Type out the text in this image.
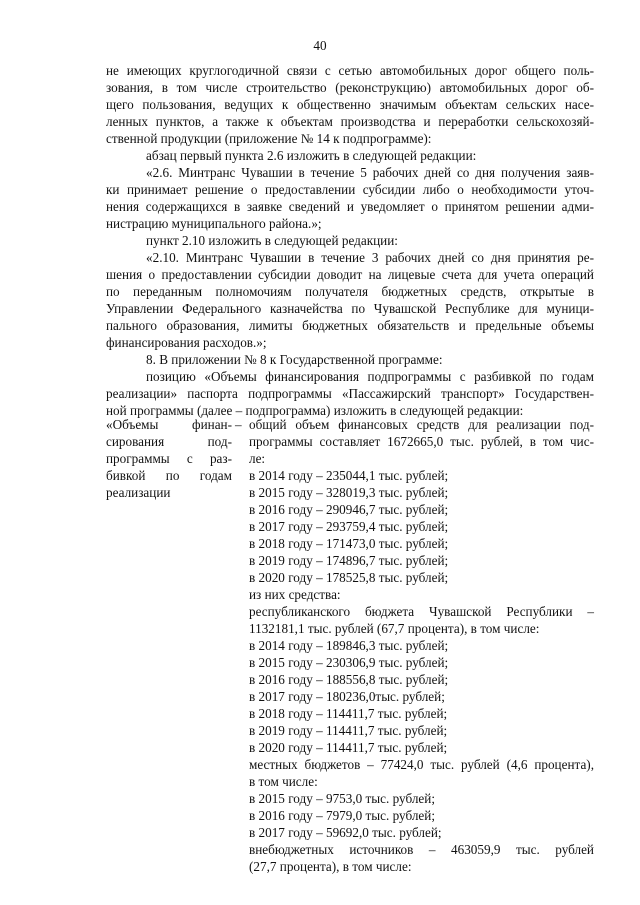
40
не имеющих круглогодичной связи с сетью автомобильных дорог общего поль-
зования, в том числе строительство (реконструкцию) автомобильных дорог об-
щего пользования, ведущих к общественно значимым объектам сельских насе-
ленных пунктов, а также к объектам производства и переработки сельскохозяй-
ственной продукции (приложение № 14 к подпрограмме):
абзац первый пункта 2.6 изложить в следующей редакции:
«2.6. Минтранс Чувашии в течение 5 рабочих дней со дня получения заяв-
ки принимает решение о предоставлении субсидии либо о необходимости уточ-
нения содержащихся в заявке сведений и уведомляет о принятом решении адми-
нистрацию муниципального района.»;
пункт 2.10 изложить в следующей редакции:
«2.10. Минтранс Чувашии в течение 3 рабочих дней со дня принятия ре-
шения о предоставлении субсидии доводит на лицевые счета для учета операций
по переданным полномочиям получателя бюджетных средств, открытые в
Управлении Федерального казначейства по Чувашской Республике для муници-
пального образования, лимиты бюджетных обязательств и предельные объемы
финансирования расходов.»;
8. В приложении № 8 к Государственной программе:
позицию «Объемы финансирования подпрограммы с разбивкой по годам
реализации» паспорта подпрограммы «Пассажирский транспорт» Государствен-
ной программы (далее – подпрограмма) изложить в следующей редакции:
«Объемы финан-
сирования под-
программы с раз-
бивкой по годам
реализации
– общий объем финансовых средств для реализации под-
программы составляет 1672665,0 тыс. рублей, в том чис-
ле:
в 2014 году – 235044,1 тыс. рублей;
в 2015 году – 328019,3 тыс. рублей;
в 2016 году – 290946,7 тыс. рублей;
в 2017 году – 293759,4 тыс. рублей;
в 2018 году – 171473,0 тыс. рублей;
в 2019 году – 174896,7 тыс. рублей;
в 2020 году – 178525,8 тыс. рублей;
из них средства:
республиканского бюджета Чувашской Республики –
1132181,1 тыс. рублей (67,7 процента), в том числе:
в 2014 году – 189846,3 тыс. рублей;
в 2015 году – 230306,9 тыс. рублей;
в 2016 году – 188556,8 тыс. рублей;
в 2017 году – 180236,0тыс. рублей;
в 2018 году – 114411,7 тыс. рублей;
в 2019 году – 114411,7 тыс. рублей;
в 2020 году – 114411,7 тыс. рублей;
местных бюджетов – 77424,0 тыс. рублей (4,6 процента),
в том числе:
в 2015 году – 9753,0 тыс. рублей;
в 2016 году – 7979,0 тыс. рублей;
в 2017 году – 59692,0 тыс. рублей;
внебюджетных источников – 463059,9 тыс. рублей
(27,7 процента), в том числе:
